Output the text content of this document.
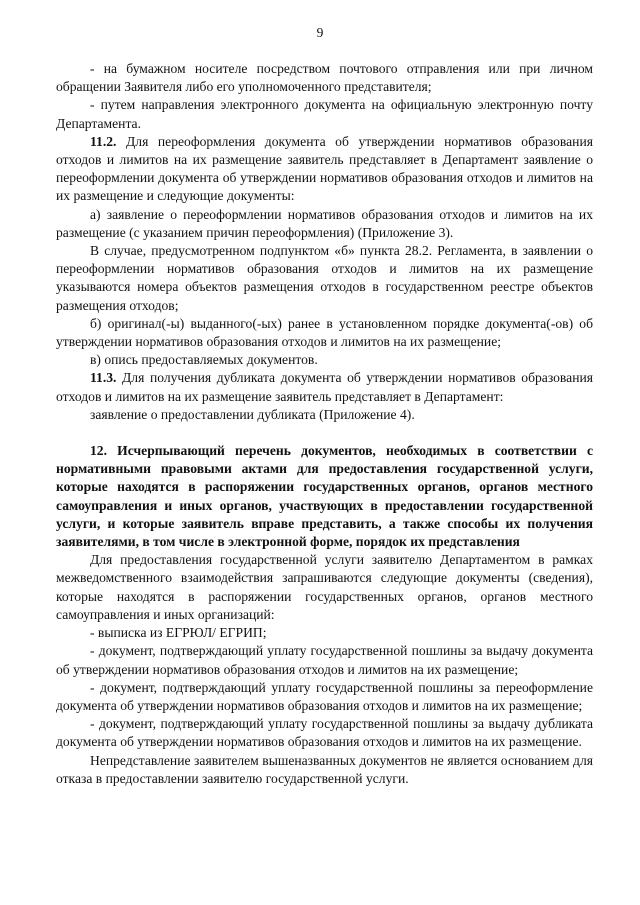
9

- на бумажном носителе посредством почтового отправления или при личном обращении Заявителя либо его уполномоченного представителя;

- путем направления электронного документа на официальную электронную почту Департамента.

11.2. Для переоформления документа об утверждении нормативов образования отходов и лимитов на их размещение заявитель представляет в Департамент заявление о переоформлении документа об утверждении нормативов образования отходов и лимитов на их размещение и следующие документы:

а) заявление о переоформлении нормативов образования отходов и лимитов на их размещение (с указанием причин переоформления) (Приложение 3).

В случае, предусмотренном подпунктом «б» пункта 28.2. Регламента, в заявлении о переоформлении нормативов образования отходов и лимитов на их размещение указываются номера объектов размещения отходов в государственном реестре объектов размещения отходов;

б) оригинал(-ы) выданного(-ых) ранее в установленном порядке документа(-ов) об утверждении нормативов образования отходов и лимитов на их размещение;

в) опись предоставляемых документов.

11.3. Для получения дубликата документа об утверждении нормативов образования отходов и лимитов на их размещение заявитель представляет в Департамент:

заявление о предоставлении дубликата (Приложение 4).

12. Исчерпывающий перечень документов, необходимых в соответствии с нормативными правовыми актами для предоставления государственной услуги, которые находятся в распоряжении государственных органов, органов местного самоуправления и иных органов, участвующих в предоставлении государственной услуги, и которые заявитель вправе представить, а также способы их получения заявителями, в том числе в электронной форме, порядок их представления

Для предоставления государственной услуги заявителю Департаментом в рамках межведомственного взаимодействия запрашиваются следующие документы (сведения), которые находятся в распоряжении государственных органов, органов местного самоуправления и иных организаций:

- выписка из ЕГРЮЛ/ ЕГРИП;

- документ, подтверждающий уплату государственной пошлины за выдачу документа об утверждении нормативов образования отходов и лимитов на их размещение;

- документ, подтверждающий уплату государственной пошлины за переоформление документа об утверждении нормативов образования отходов и лимитов на их размещение;

- документ, подтверждающий уплату государственной пошлины за выдачу дубликата документа об утверждении нормативов образования отходов и лимитов на их размещение.

Непредставление заявителем вышеназванных документов не является основанием для отказа в предоставлении заявителю государственной услуги.
